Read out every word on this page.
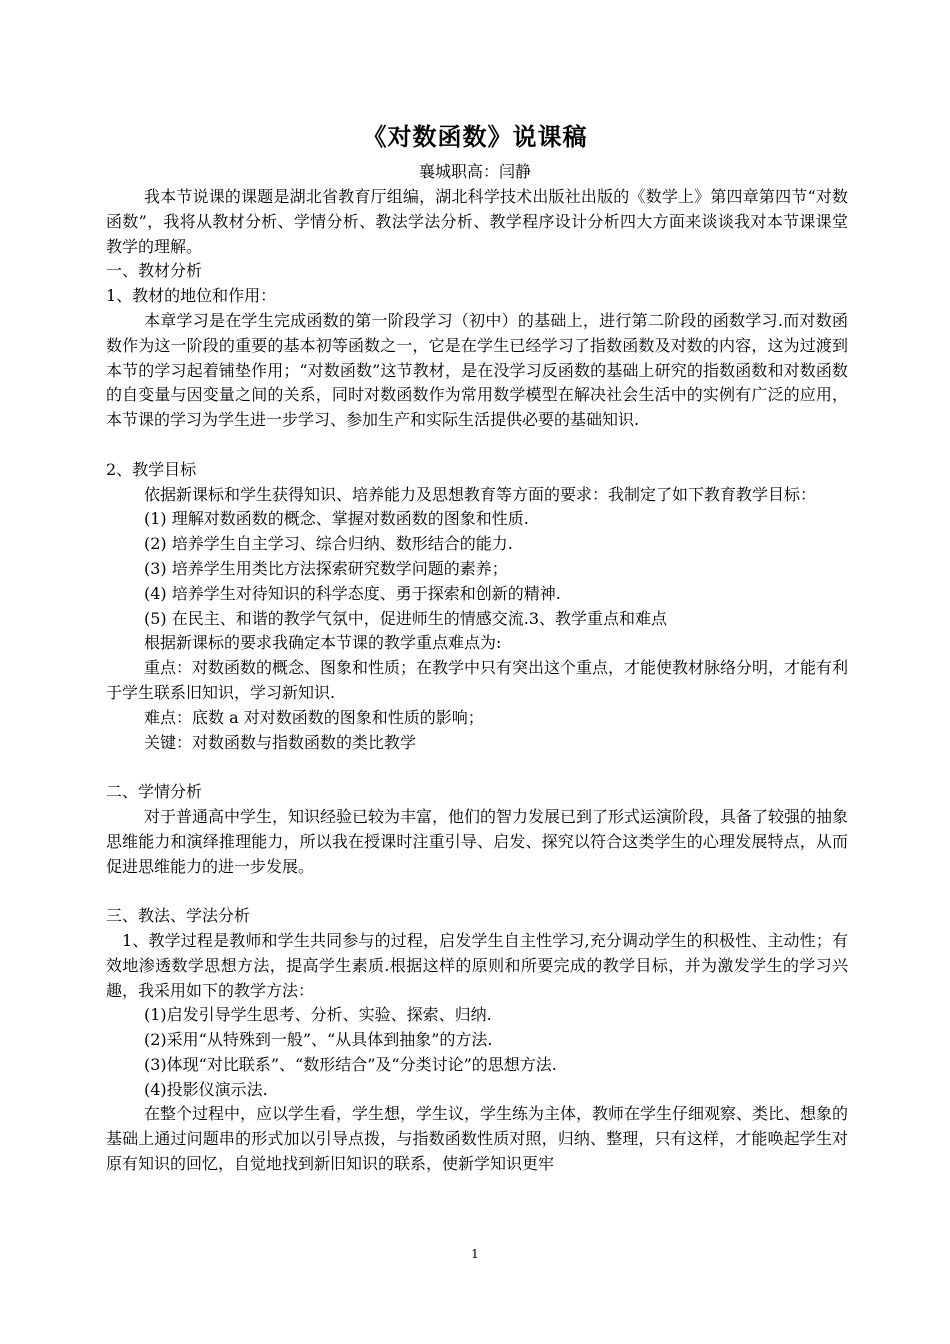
《对数函数》说课稿
襄城职高：闫静

我本节说课的课题是湖北省教育厅组编，湖北科学技术出版社出版的《数学上》第四章第四节“对数函数”，我将从教材分析、学情分析、教法学法分析、教学程序设计分析四大方面来谈谈我对本节课课堂教学的理解。

一、教材分析

1、教材的地位和作用：

本章学习是在学生完成函数的第一阶段学习（初中）的基础上，进行第二阶段的函数学习.而对数函数作为这一阶段的重要的基本初等函数之一，它是在学生已经学习了指数函数及对数的内容，这为过渡到本节的学习起着铺垫作用；“对数函数”这节教材，是在没学习反函数的基础上研究的指数函数和对数函数的自变量与因变量之间的关系，同时对数函数作为常用数学模型在解决社会生活中的实例有广泛的应用，本节课的学习为学生进一步学习、参加生产和实际生活提供必要的基础知识.

2、教学目标

依据新课标和学生获得知识、培养能力及思想教育等方面的要求：我制定了如下教育教学目标：

(1) 理解对数函数的概念、掌握对数函数的图象和性质.

(2) 培养学生自主学习、综合归纳、数形结合的能力.

(3) 培养学生用类比方法探索研究数学问题的素养；

(4) 培养学生对待知识的科学态度、勇于探索和创新的精神.

(5) 在民主、和谐的教学气氛中，促进师生的情感交流.3、教学重点和难点

根据新课标的要求我确定本节课的教学重点难点为:

重点：对数函数的概念、图象和性质；在教学中只有突出这个重点，才能使教材脉络分明，才能有利于学生联系旧知识，学习新知识.

难点：底数 a 对对数函数的图象和性质的影响；

关键：对数函数与指数函数的类比教学

二、学情分析

对于普通高中学生，知识经验已较为丰富，他们的智力发展已到了形式运演阶段，具备了较强的抽象思维能力和演绎推理能力，所以我在授课时注重引导、启发、探究以符合这类学生的心理发展特点，从而促进思维能力的进一步发展。

三、教法、学法分析

1、教学过程是教师和学生共同参与的过程，启发学生自主性学习,充分调动学生的积极性、主动性；有效地渗透数学思想方法，提高学生素质.根据这样的原则和所要完成的教学目标，并为激发学生的学习兴趣，我采用如下的教学方法：

(1)启发引导学生思考、分析、实验、探索、归纳.

(2)采用“从特殊到一般”、“从具体到抽象”的方法.

(3)体现“对比联系”、“数形结合”及“分类讨论”的思想方法.

(4)投影仪演示法.

在整个过程中，应以学生看，学生想，学生议，学生练为主体，教师在学生仔细观察、类比、想象的基础上通过问题串的形式加以引导点拨，与指数函数性质对照，归纳、整理，只有这样，才能唤起学生对原有知识的回忆，自觉地找到新旧知识的联系，使新学知识更牢

1
